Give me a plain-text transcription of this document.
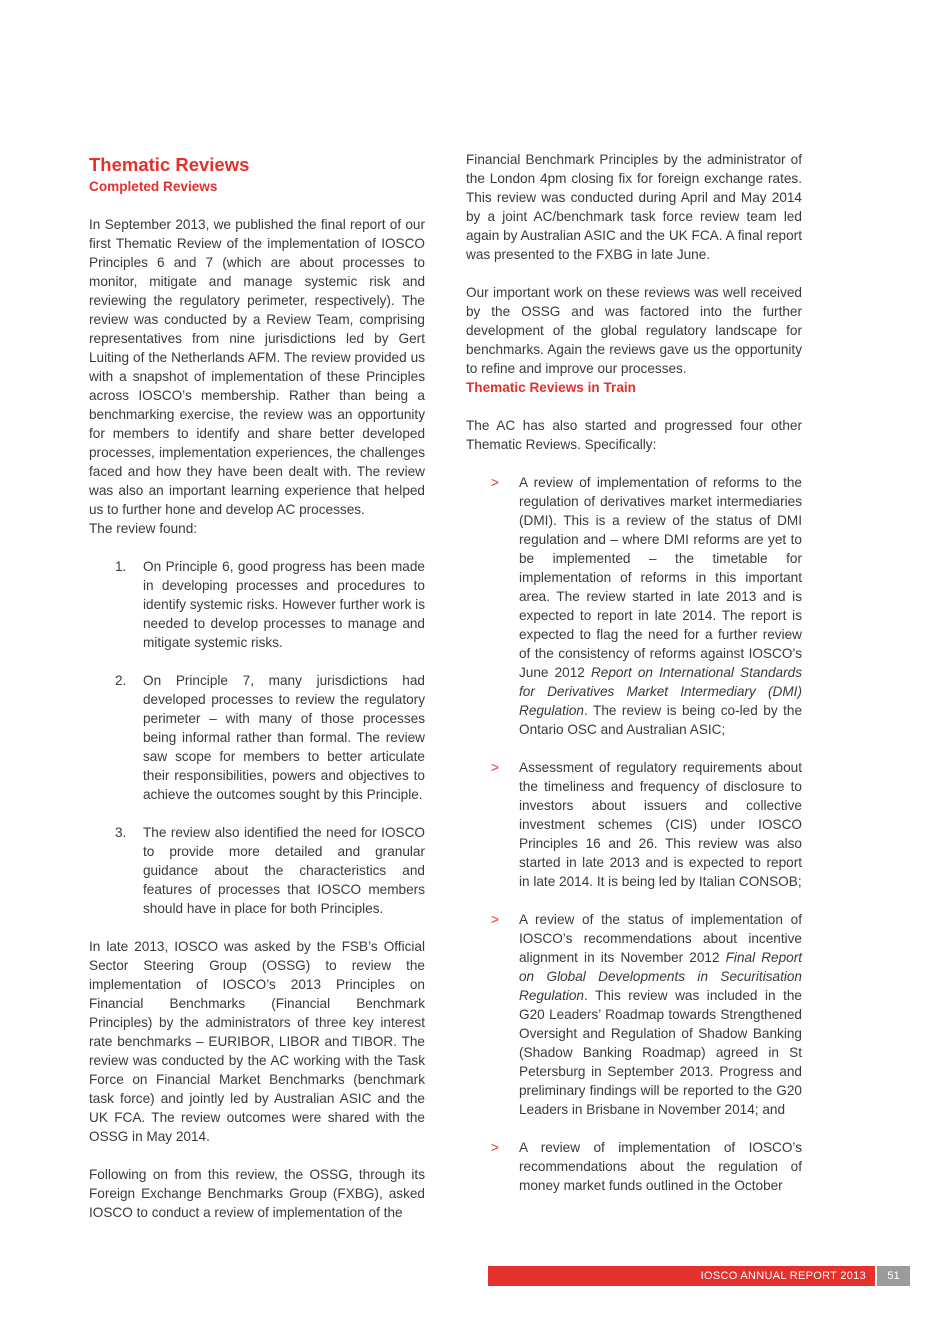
Thematic Reviews
Completed Reviews

In September 2013, we published the final report of our first Thematic Review of the implementation of IOSCO Principles 6 and 7 (which are about processes to monitor, mitigate and manage systemic risk and reviewing the regulatory perimeter, respectively). The review was conducted by a Review Team, comprising representatives from nine jurisdictions led by Gert Luiting of the Netherlands AFM. The review provided us with a snapshot of implementation of these Principles across IOSCO’s membership. Rather than being a benchmarking exercise, the review was an opportunity for members to identify and share better developed processes, implementation experiences, the challenges faced and how they have been dealt with. The review was also an important learning experience that helped us to further hone and develop AC processes.

The review found:

1. On Principle 6, good progress has been made in developing processes and procedures to identify systemic risks. However further work is needed to develop processes to manage and mitigate systemic risks.
2. On Principle 7, many jurisdictions had developed processes to review the regulatory perimeter – with many of those processes being informal rather than formal. The review saw scope for members to better articulate their responsibilities, powers and objectives to achieve the outcomes sought by this Principle.
3. The review also identified the need for IOSCO to provide more detailed and granular guidance about the characteristics and features of processes that IOSCO members should have in place for both Principles.

In late 2013, IOSCO was asked by the FSB’s Official Sector Steering Group (OSSG) to review the implementation of IOSCO’s 2013 Principles on Financial Benchmarks (Financial Benchmark Principles) by the administrators of three key interest rate benchmarks – EURIBOR, LIBOR and TIBOR. The review was conducted by the AC working with the Task Force on Financial Market Benchmarks (benchmark task force) and jointly led by Australian ASIC and the UK FCA. The review outcomes were shared with the OSSG in May 2014.

Following on from this review, the OSSG, through its Foreign Exchange Benchmarks Group (FXBG), asked IOSCO to conduct a review of implementation of the

Financial Benchmark Principles by the administrator of the London 4pm closing fix for foreign exchange rates. This review was conducted during April and May 2014 by a joint AC/benchmark task force review team led again by Australian ASIC and the UK FCA. A final report was presented to the FXBG in late June.

Our important work on these reviews was well received by the OSSG and was factored into the further development of the global regulatory landscape for benchmarks. Again the reviews gave us the opportunity to refine and improve our processes.

Thematic Reviews in Train

The AC has also started and progressed four other Thematic Reviews. Specifically:

> A review of implementation of reforms to the regulation of derivatives market intermediaries (DMI). This is a review of the status of DMI regulation and – where DMI reforms are yet to be implemented – the timetable for implementation of reforms in this important area. The review started in late 2013 and is expected to report in late 2014. The report is expected to flag the need for a further review of the consistency of reforms against IOSCO’s June 2012 Report on International Standards for Derivatives Market Intermediary (DMI) Regulation. The review is being co-led by the Ontario OSC and Australian ASIC;
> Assessment of regulatory requirements about the timeliness and frequency of disclosure to investors about issuers and collective investment schemes (CIS) under IOSCO Principles 16 and 26. This review was also started in late 2013 and is expected to report in late 2014. It is being led by Italian CONSOB;
> A review of the status of implementation of IOSCO’s recommendations about incentive alignment in its November 2012 Final Report on Global Developments in Securitisation Regulation. This review was included in the G20 Leaders’ Roadmap towards Strengthened Oversight and Regulation of Shadow Banking (Shadow Banking Roadmap) agreed in St Petersburg in September 2013. Progress and preliminary findings will be reported to the G20 Leaders in Brisbane in November 2014; and
> A review of implementation of IOSCO’s recommendations about the regulation of money market funds outlined in the October
IOSCO ANNUAL REPORT 2013	51
